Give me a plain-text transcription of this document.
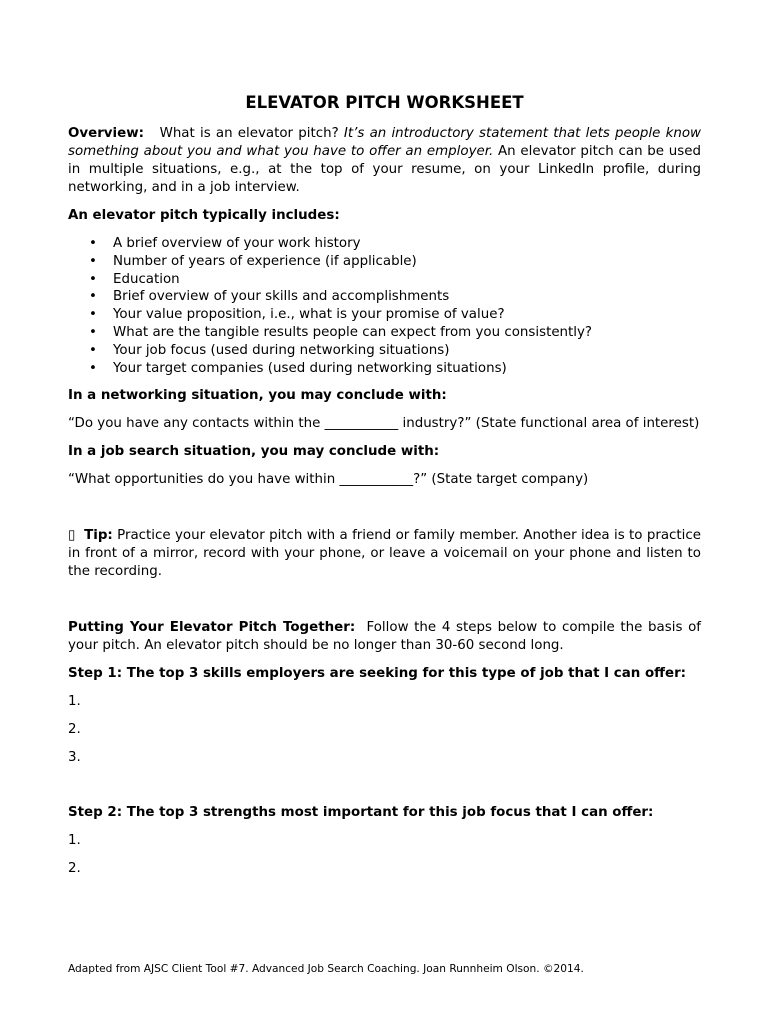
ELEVATOR PITCH WORKSHEET

Overview: What is an elevator pitch? It’s an introductory statement that lets people know something about you and what you have to offer an employer. An elevator pitch can be used in multiple situations, e.g., at the top of your resume, on your LinkedIn profile, during networking, and in a job interview.

An elevator pitch typically includes:
• A brief overview of your work history
• Number of years of experience (if applicable)
• Education
• Brief overview of your skills and accomplishments
• Your value proposition, i.e., what is your promise of value?
• What are the tangible results people can expect from you consistently?
• Your job focus (used during networking situations)
• Your target companies (used during networking situations)
In a networking situation, you may conclude with:

“Do you have any contacts within the ___________ industry?” (State functional area of interest)

In a job search situation, you may conclude with:

“What opportunities do you have within ___________?” (State target company)

▯ Tip: Practice your elevator pitch with a friend or family member. Another idea is to practice in front of a mirror, record with your phone, or leave a voicemail on your phone and listen to the recording.

Putting Your Elevator Pitch Together: Follow the 4 steps below to compile the basis of your pitch. An elevator pitch should be no longer than 30-60 second long.

Step 1: The top 3 skills employers are seeking for this type of job that I can offer:

1.

2.

3.

Step 2: The top 3 strengths most important for this job focus that I can offer:

1.

2.

Adapted from AJSC Client Tool #7. Advanced Job Search Coaching. Joan Runnheim Olson. ©2014.
